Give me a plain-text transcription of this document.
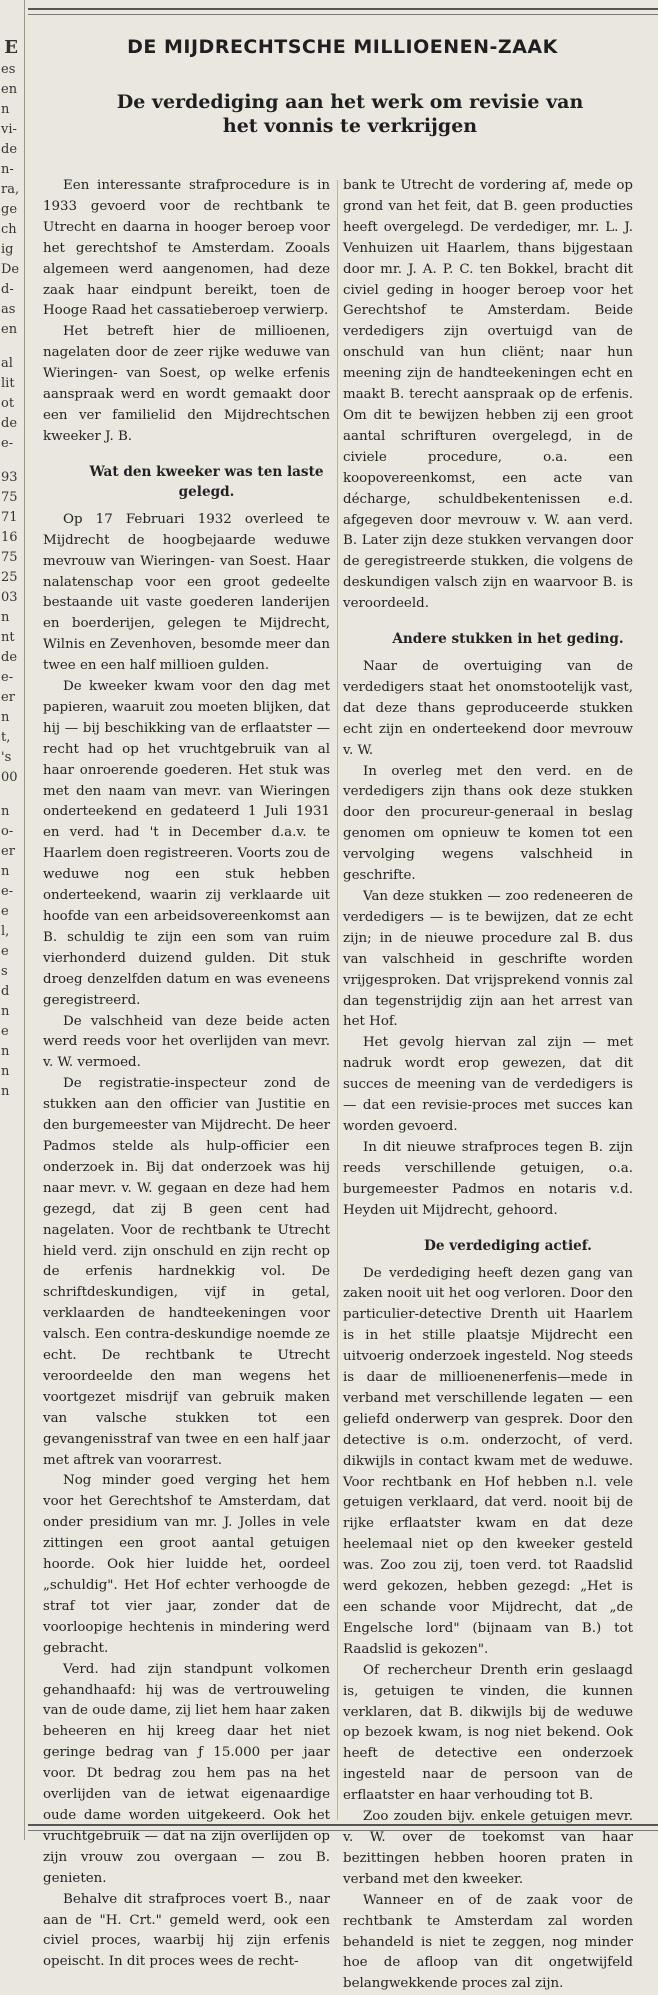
E
es
en
n
vi-
de
n-
ra,
ge
ch
ig
De
d-
as
en
al
lit
ot
de
e-
93
75
71
16
75
25
03
n
nt
de
e-
er
n
t,
's
00
n
o-
er
n
e-
e
l,
e
s
d
n
e
n
n
n
DE MIJDRECHTSCHE MILLIOENEN-ZAAK
De verdediging aan het werk om revisie van
het vonnis te verkrijgen

Een interessante strafprocedure is in 1933 gevoerd voor de rechtbank te Utrecht en daarna in hooger beroep voor het gerechtshof te Amsterdam. Zooals algemeen werd aangenomen, had deze zaak haar eindpunt bereikt, toen de Hooge Raad het cassatieberoep verwierp.

Het betreft hier de millioenen, nagelaten door de zeer rijke weduwe van Wieringen- van Soest, op welke erfenis aanspraak werd en wordt gemaakt door een ver familielid den Mijdrechtschen kweeker J. B.

Wat den kweeker was ten laste gelegd.

Op 17 Februari 1932 overleed te Mijdrecht de hoogbejaarde weduwe mevrouw van Wieringen- van Soest. Haar nalatenschap voor een groot gedeelte bestaande uit vaste goederen landerijen en boerderijen, gelegen te Mijdrecht, Wilnis en Zevenhoven, besomde meer dan twee en een half millioen gulden.

De kweeker kwam voor den dag met papieren, waaruit zou moeten blijken, dat hij — bij beschikking van de erflaatster — recht had op het vruchtgebruik van al haar onroerende goederen. Het stuk was met den naam van mevr. van Wieringen onderteekend en gedateerd 1 Juli 1931 en verd. had 't in December d.a.v. te Haarlem doen registreeren. Voorts zou de weduwe nog een stuk hebben onderteekend, waarin zij verklaarde uit hoofde van een arbeidsovereenkomst aan B. schuldig te zijn een som van ruim vierhonderd duizend gulden. Dit stuk droeg denzelfden datum en was eveneens geregistreerd.

De valschheid van deze beide acten werd reeds voor het overlijden van mevr. v. W. vermoed.

De registratie-inspecteur zond de stukken aan den officier van Justitie en den burgemeester van Mijdrecht. De heer Padmos stelde als hulp-officier een onderzoek in. Bij dat onderzoek was hij naar mevr. v. W. gegaan en deze had hem gezegd, dat zij B geen cent had nagelaten. Voor de rechtbank te Utrecht hield verd. zijn onschuld en zijn recht op de erfenis hardnekkig vol. De schriftdeskundigen, vijf in getal, verklaarden de handteekeningen voor valsch. Een contra-deskundige noemde ze echt. De rechtbank te Utrecht veroordeelde den man wegens het voortgezet misdrijf van gebruik maken van valsche stukken tot een gevangenisstraf van twee en een half jaar met aftrek van voorarrest.

Nog minder goed verging het hem voor het Gerechtshof te Amsterdam, dat onder presidium van mr. J. Jolles in vele zittingen een groot aantal getuigen hoorde. Ook hier luidde het, oordeel „schuldig". Het Hof echter verhoogde de straf tot vier jaar, zonder dat de voorloopige hechtenis in mindering werd gebracht.

Verd. had zijn standpunt volkomen gehandhaafd: hij was de vertrouweling van de oude dame, zij liet hem haar zaken beheeren en hij kreeg daar het niet geringe bedrag van ƒ 15.000 per jaar voor. Dt bedrag zou hem pas na het overlijden van de ietwat eigenaardige oude dame worden uitgekeerd. Ook het vruchtgebruik — dat na zijn overlijden op zijn vrouw zou overgaan — zou B. genieten.

Behalve dit strafproces voert B., naar aan de "H. Crt." gemeld werd, ook een civiel proces, waarbij hij zijn erfenis opeischt. In dit proces wees de recht-

bank te Utrecht de vordering af, mede op grond van het feit, dat B. geen producties heeft overgelegd. De verdediger, mr. L. J. Venhuizen uit Haarlem, thans bijgestaan door mr. J. A. P. C. ten Bokkel, bracht dit civiel geding in hooger beroep voor het Gerechtshof te Amsterdam. Beide verdedigers zijn overtuigd van de onschuld van hun cliënt; naar hun meening zijn de handteekeningen echt en maakt B. terecht aanspraak op de erfenis. Om dit te bewijzen hebben zij een groot aantal schrifturen overgelegd, in de civiele procedure, o.a. een koopovereenkomst, een acte van décharge, schuldbekentenissen e.d. afgegeven door mevrouw v. W. aan verd. B. Later zijn deze stukken vervangen door de geregistreerde stukken, die volgens de deskundigen valsch zijn en waarvoor B. is veroordeeld.

Andere stukken in het geding.

Naar de overtuiging van de verdedigers staat het onomstootelijk vast, dat deze thans geproduceerde stukken echt zijn en onderteekend door mevrouw v. W.

In overleg met den verd. en de verdedigers zijn thans ook deze stukken door den procureur-generaal in beslag genomen om opnieuw te komen tot een vervolging wegens valschheid in geschrifte.

Van deze stukken — zoo redeneeren de verdedigers — is te bewijzen, dat ze echt zijn; in de nieuwe procedure zal B. dus van valschheid in geschrifte worden vrijgesproken. Dat vrijsprekend vonnis zal dan tegenstrijdig zijn aan het arrest van het Hof.

Het gevolg hiervan zal zijn — met nadruk wordt erop gewezen, dat dit succes de meening van de verdedigers is — dat een revisie-proces met succes kan worden gevoerd.

In dit nieuwe strafproces tegen B. zijn reeds verschillende getuigen, o.a. burgemeester Padmos en notaris v.d. Heyden uit Mijdrecht, gehoord.

De verdediging actief.

De verdediging heeft dezen gang van zaken nooit uit het oog verloren. Door den particulier-detective Drenth uit Haarlem is in het stille plaatsje Mijdrecht een uitvoerig onderzoek ingesteld. Nog steeds is daar de millioenenerfenis—mede in verband met verschillende legaten — een geliefd onderwerp van gesprek. Door den detective is o.m. onderzocht, of verd. dikwijls in contact kwam met de weduwe. Voor rechtbank en Hof hebben n.l. vele getuigen verklaard, dat verd. nooit bij de rijke erflaatster kwam en dat deze heelemaal niet op den kweeker gesteld was. Zoo zou zij, toen verd. tot Raadslid werd gekozen, hebben gezegd: „Het is een schande voor Mijdrecht, dat „de Engelsche lord" (bijnaam van B.) tot Raadslid is gekozen".

Of rechercheur Drenth erin geslaagd is, getuigen te vinden, die kunnen verklaren, dat B. dikwijls bij de weduwe op bezoek kwam, is nog niet bekend. Ook heeft de detective een onderzoek ingesteld naar de persoon van de erflaatster en haar verhouding tot B.

Zoo zouden bijv. enkele getuigen mevr. v. W. over de toekomst van haar bezittingen hebben hooren praten in verband met den kweeker.

Wanneer en of de zaak voor de rechtbank te Amsterdam zal worden behandeld is niet te zeggen, nog minder hoe de afloop van dit ongetwijfeld belangwekkende proces zal zijn.
